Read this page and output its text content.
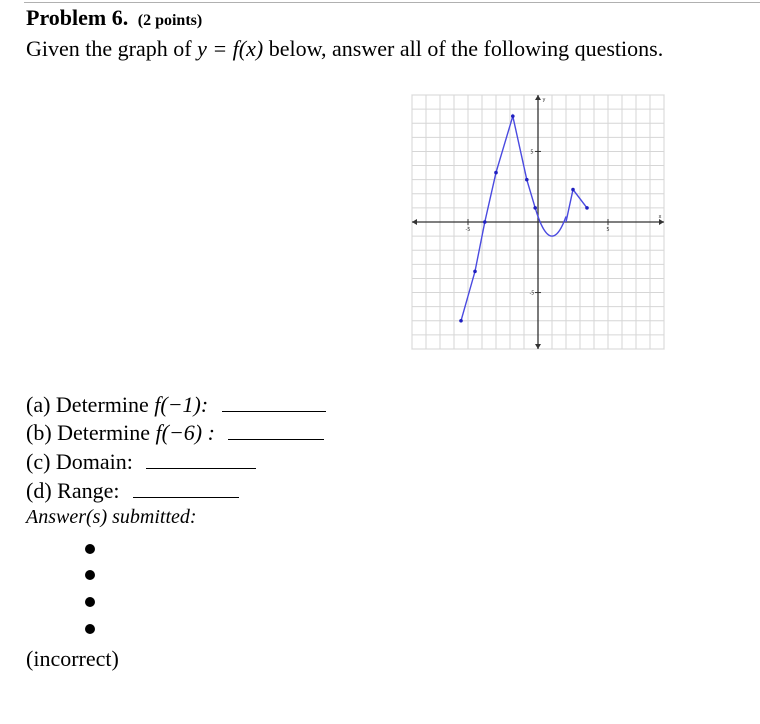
Problem 6. (2 points)
Given the graph of y = f(x) below, answer all of the following questions.
-5	5
5
-5
x
y
(a) Determine f(−1):
(b) Determine f(−6) :
(c) Domain:
(d) Range:
Answer(s) submitted:
(incorrect)
